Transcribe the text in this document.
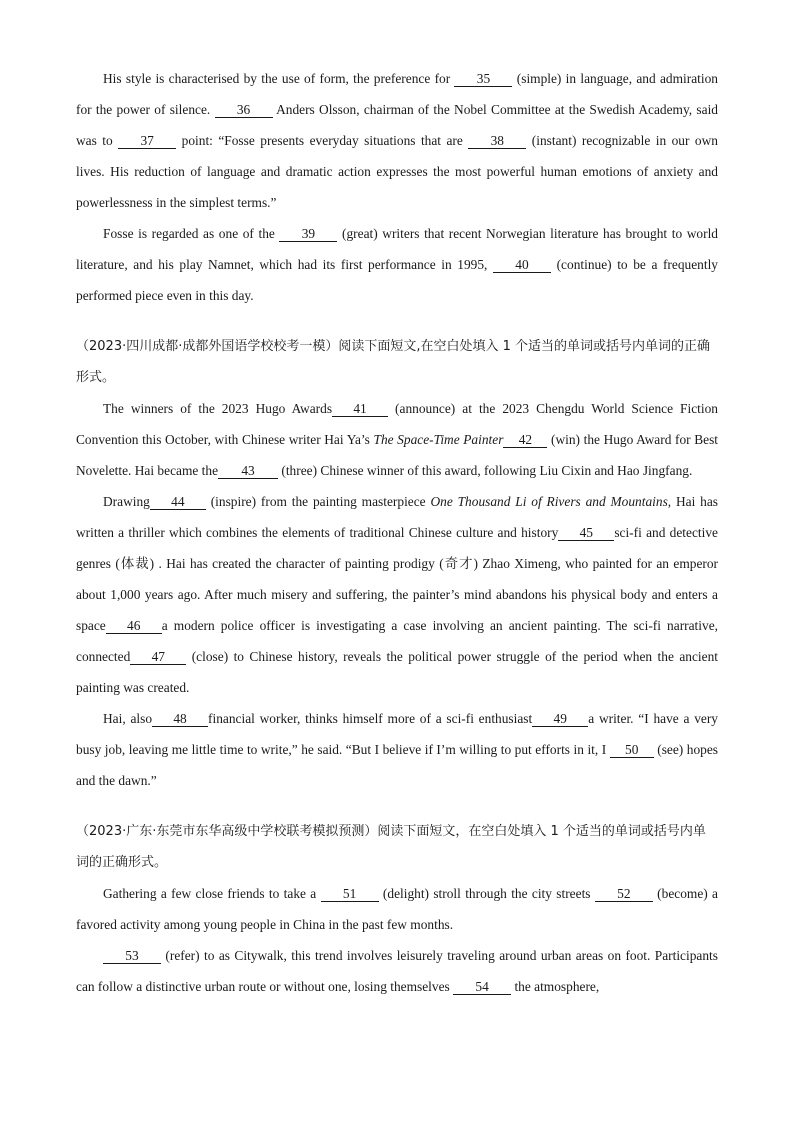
His style is characterised by the use of form, the preference for 35 (simple) in language, and admiration for the power of silence. 36 Anders Olsson, chairman of the Nobel Committee at the Swedish Academy, said was to 37 point: “Fosse presents everyday situations that are 38 (instant) recognizable in our own lives. His reduction of language and dramatic action expresses the most powerful human emotions of anxiety and powerlessness in the simplest terms.”

Fosse is regarded as one of the 39 (great) writers that recent Norwegian literature has brought to world literature, and his play Namnet, which had its first performance in 1995, 40 (continue) to be a frequently performed piece even in this day.

（2023·四川成都·成都外国语学校校考一模）阅读下面短文,在空白处填入 1 个适当的单词或括号内单词的正确形式。

The winners of the 2023 Hugo Awards 41 (announce) at the 2023 Chengdu World Science Fiction Convention this October, with Chinese writer Hai Ya’s The Space-Time Painter 42 (win) the Hugo Award for Best Novelette. Hai became the 43 (three) Chinese winner of this award, following Liu Cixin and Hao Jingfang.

Drawing 44 (inspire) from the painting masterpiece One Thousand Li of Rivers and Mountains, Hai has written a thriller which combines the elements of traditional Chinese culture and history 45 sci-fi and detective genres (体裁) . Hai has created the character of painting prodigy (奇才) Zhao Ximeng, who painted for an emperor about 1,000 years ago. After much misery and suffering, the painter’s mind abandons his physical body and enters a space 46 a modern police officer is investigating a case involving an ancient painting. The sci-fi narrative, connected 47 (close) to Chinese history, reveals the political power struggle of the period when the ancient painting was created.

Hai, also 48 financial worker, thinks himself more of a sci-fi enthusiast 49 a writer. “I have a very busy job, leaving me little time to write,” he said. “But I believe if I’m willing to put efforts in it, I 50 (see) hopes and the dawn.”

（2023·广东·东莞市东华高级中学校联考模拟预测）阅读下面短文，在空白处填入 1 个适当的单词或括号内单词的正确形式。

Gathering a few close friends to take a 51 (delight) stroll through the city streets 52 (become) a favored activity among young people in China in the past few months.

53 (refer) to as Citywalk, this trend involves leisurely traveling around urban areas on foot. Participants can follow a distinctive urban route or without one, losing themselves 54 the atmosphere,
